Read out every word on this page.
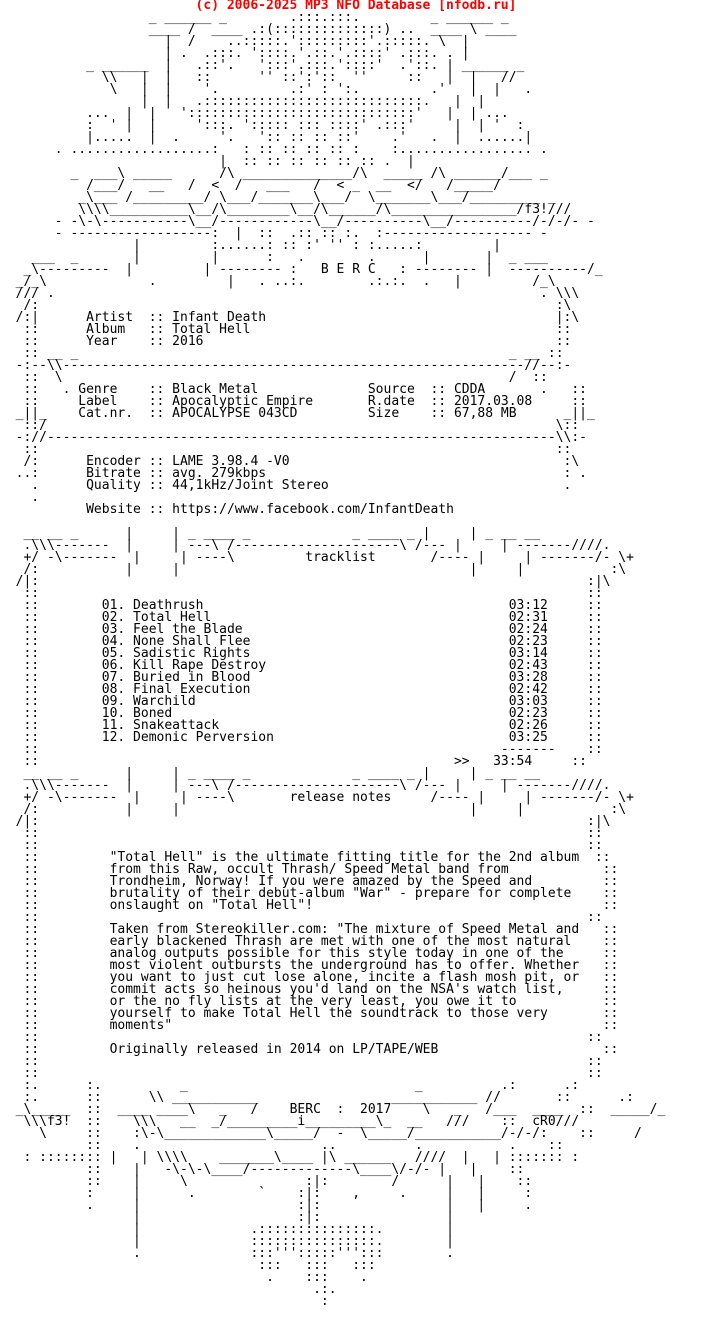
(c) 2006-2025 MP3 NFO Database [nfodb.ru]
_ ______ _        .:::.:::.         _ ______ _
____ /  ____ .:(::::::::::::::) ..  ____ \ ____
|  /    ..:::::.':::::::::'.:::::. \  |
| .  .:::. '::::.'.::.'.::::' .:::. . |
_ ______  |   .::'.   ':::'.:::.'::::'  .'::. | ______ _
\\   |  |   ::      '' ::':'::  ''     ::   |  |   //
\   |  |    '.         .:' : ':.         .'   |  |   .
|  |   .::::::::::::::::::::::::::::.   |  |
...  |  |   ':::::::::::::::::::::::::::::'   |  | ...
:  ' |  |     ':::. '::::: ::: ::::' .:::'     |  | '  :
|.....  |  .     '.   ':: :: :: ::'    .'   .  |  ......|
. ..................:   : :: :: :: :: :    :................. .
|  :: :: :: :: :: :: .  |
_  ___\ _____      /\ ______________/\  _____ /\ ______/___ _
/___/   __   /  <  /   ___   /  < _  __  </   /_____/
_\___ /_________/ \___/_______\___/  \_______\___/_________ _
\\\\__________\__/\________\__/\______/\________________/f3!///
- -\-\-----------\__/------------\__/----------\__/----------/-/-/- -
- ------------------:  |  ::  .:: :: :.  :------------------- -
|         :......: :: :' '' : :.....:         |
___  _       |         |      :   .        .      |       |  _ ___
_\---------  |         | -------- :   B E R C   : -------- |  ----------/_
_/_\             .         |   . ..:.        .:.:.  .   |         /_\
/// .                                                              . \\\
/:                                                                  :\
/:|      Artist  :: Infant Death                                     |:\
::      Album   :: Total Hell                                       ::
::      Year    :: 2016                                             ::
:: __ _                                                       _ __ ::
-:--\\-----------------------------------------------------------//--:-
::  \                                                         /  ::
::   . Genre    :: Black Metal              Source  :: CDDA       .   ::
::     Label    :: Apocalyptic Empire       R.date  :: 2017.03.08     ::
_||_    Cat.nr.  :: APOCALYPSE 043CD         Size    :: 67,88 MB      _||_
::/                                                                 \::
-://-----------------------------------------------------------------\\:-
::                                                                  ::
/:      Encoder :: LAME 3.98.4 -V0                                   :\
..:      Bitrate :: avg. 279kbps                                      : .
.      Quality :: 44,1kHz/Joint Stereo                              .
.
Website :: https://www.facebook.com/InfantDeath

__ __ _      |     | _ ____ _             _ ____ _ |     | _ __ __
.\\\-------  |     | ---\ /---------------------\ /--- |     | -------////.
+/ -\-------  |     | ----\         tracklist       /---- |     | -------/- \+
/:           |     |                                     |     |           :\
/|:                                                                      :|\
::                                                                      ::
::        01. Deathrush                                       03:12     ::
::        02. Total Hell                                      02:31     ::
::        03. Feel the Blade                                  02:24     ::
::        04. None Shall Flee                                 02:23     ::
::        05. Sadistic Rights                                 03:14     ::
::        06. Kill Rape Destroy                               02:43     ::
::        07. Buried in Blood                                 03:28     ::
::        08. Final Execution                                 02:42     ::
::        09. Warchild                                        03:03     ::
::        10. Boned                                           02:23     ::
::        11. Snakeattack                                     02:26     ::
::        12. Demonic Perversion                              03:25     ::
::                                                           -------    ::
::                                                     >>   33:54     ::
__ __ _      |     | _ ____ _             _ ____ _ |     | _ __ __
.\\\-------  |     | ---\ /---------------------\ /--- |     | -------////.
+/ -\-------  |     | ----\       release notes     /---- |     | -------/- \+
/:           |     |                                     |     |           :\
/|:                                                                      :|\
::                                                                      ::
::                                                                      ::
::         "Total Hell" is the ultimate fitting title for the 2nd album  ::
::         from this Raw, occult Thrash/ Speed Metal band from            ::
::         Trondheim, Norway! If you were amazed by the Speed and         ::
::         brutality of their debut-album "War" - prepare for complete    ::
::         onslaught on "Total Hell"!                                     ::
::                                                                      ::
::         Taken from Stereokiller.com: "The mixture of Speed Metal and   ::
::         early blackened Thrash are met with one of the most natural    ::
::         analog outputs possible for this style today in one of the     ::
::         most violent outbursts the underground has to offer. Whether   ::
::         you want to just cut lose alone, incite a flash mosh pit, or   ::
::         commit acts so heinous you'd land on the NSA's watch list,     ::
::         or the no fly lists at the very least, you owe it to           ::
::         yourself to make Total Hell the soundtrack to those very       ::
::         moments"                                                       ::
::                                                                      ::
::         Originally released in 2014 on LP/TAPE/WEB                     ::
::                                                                      ::
::                                                                      ::
:.      :.          _                             _          .:      .:
:.      ::      \\ ___________                 ___________ //       ::      .:
_\_____  ::  ____ ____\   _   /    BERC  :  2017    \   _   /___  ____  ::  _____/_
\\\f3!  ::    \\\   __  _/_________i_________\_  __   ///    ::  cR0///
\     ::    :\-\_____________\_____/  -  \_____/___________/-/-/:    ::     /
::    .                       ..          .           .    ::
: :::::::: |   | \\\\    _______\____ |\ ______   ////  |   | ::::::: :
::    |   -\-\-\____/-------------\____\/-/- |   |    ::
::    |     \               :|:        /      |   |    ::
:     |      .        `    :|:    ,     .     |   |     :
.     |                    :|:                |   |     .
|                    :|:                |
|              .:::::::::::::::.        |
|              ::::::::::::::::.        |
.              :::''':::::''':::        .
:::   :::   :::
.    :::    .
.:.
:
